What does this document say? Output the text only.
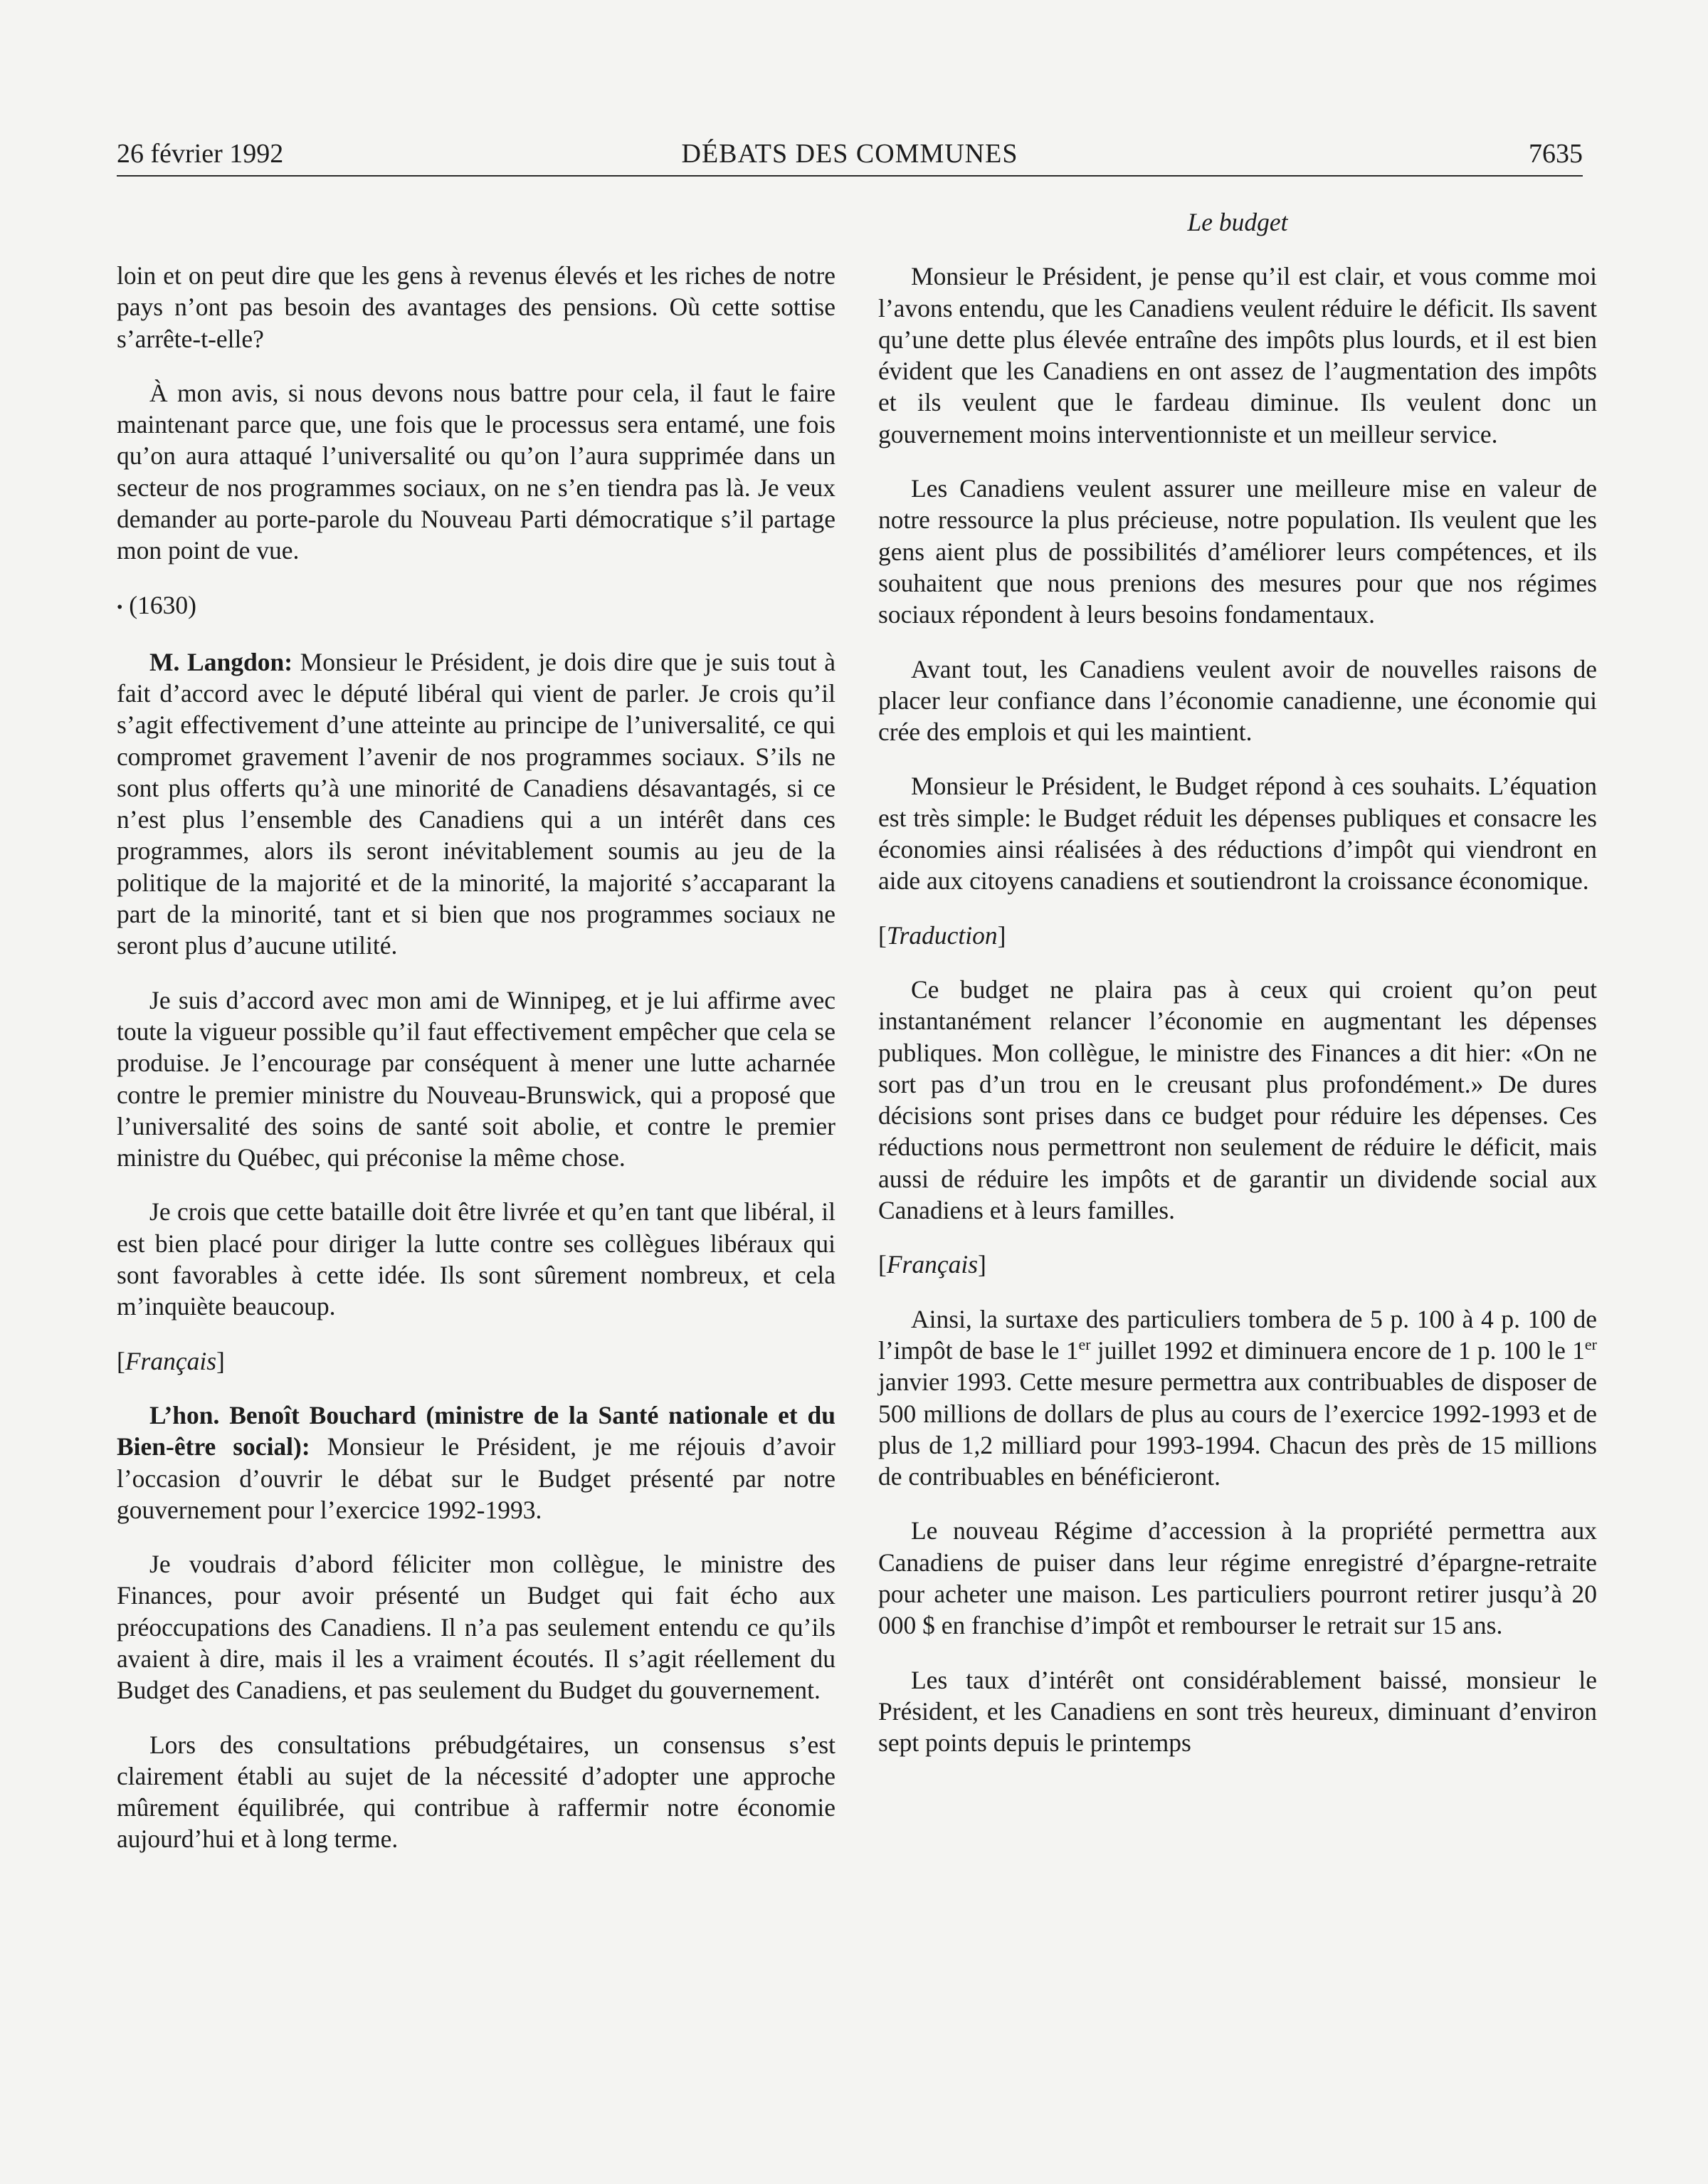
26 février 1992	DÉBATS DES COMMUNES	7635

loin et on peut dire que les gens à revenus élevés et les riches de notre pays n’ont pas besoin des avantages des pensions. Où cette sottise s’arrête-t-elle?

À mon avis, si nous devons nous battre pour cela, il faut le faire maintenant parce que, une fois que le processus sera entamé, une fois qu’on aura attaqué l’universalité ou qu’on l’aura supprimée dans un secteur de nos programmes sociaux, on ne s’en tiendra pas là. Je veux demander au porte-parole du Nouveau Parti démocratique s’il partage mon point de vue.

• (1630)

M. Langdon: Monsieur le Président, je dois dire que je suis tout à fait d’accord avec le député libéral qui vient de parler. Je crois qu’il s’agit effectivement d’une atteinte au principe de l’universalité, ce qui compromet gravement l’avenir de nos programmes sociaux. S’ils ne sont plus offerts qu’à une minorité de Canadiens désavantagés, si ce n’est plus l’ensemble des Canadiens qui a un intérêt dans ces programmes, alors ils seront inévitablement soumis au jeu de la politique de la majorité et de la minorité, la majorité s’accaparant la part de la minorité, tant et si bien que nos programmes sociaux ne seront plus d’aucune utilité.

Je suis d’accord avec mon ami de Winnipeg, et je lui affirme avec toute la vigueur possible qu’il faut effectivement empêcher que cela se produise. Je l’encourage par conséquent à mener une lutte acharnée contre le premier ministre du Nouveau-Brunswick, qui a proposé que l’universalité des soins de santé soit abolie, et contre le premier ministre du Québec, qui préconise la même chose.

Je crois que cette bataille doit être livrée et qu’en tant que libéral, il est bien placé pour diriger la lutte contre ses collègues libéraux qui sont favorables à cette idée. Ils sont sûrement nombreux, et cela m’inquiète beaucoup.

[Français]

L’hon. Benoît Bouchard (ministre de la Santé nationale et du Bien-être social): Monsieur le Président, je me réjouis d’avoir l’occasion d’ouvrir le débat sur le Budget présenté par notre gouvernement pour l’exercice 1992-1993.

Je voudrais d’abord féliciter mon collègue, le ministre des Finances, pour avoir présenté un Budget qui fait écho aux préoccupations des Canadiens. Il n’a pas seulement entendu ce qu’ils avaient à dire, mais il les a vraiment écoutés. Il s’agit réellement du Budget des Canadiens, et pas seulement du Budget du gouvernement.

Lors des consultations prébudgétaires, un consensus s’est clairement établi au sujet de la nécessité d’adopter une approche mûrement équilibrée, qui contribue à raffermir notre économie aujourd’hui et à long terme.

Le budget

Monsieur le Président, je pense qu’il est clair, et vous comme moi l’avons entendu, que les Canadiens veulent réduire le déficit. Ils savent qu’une dette plus élevée entraîne des impôts plus lourds, et il est bien évident que les Canadiens en ont assez de l’augmentation des impôts et ils veulent que le fardeau diminue. Ils veulent donc un gouvernement moins interventionniste et un meilleur service.

Les Canadiens veulent assurer une meilleure mise en valeur de notre ressource la plus précieuse, notre population. Ils veulent que les gens aient plus de possibilités d’améliorer leurs compétences, et ils souhaitent que nous prenions des mesures pour que nos régimes sociaux répondent à leurs besoins fondamentaux.

Avant tout, les Canadiens veulent avoir de nouvelles raisons de placer leur confiance dans l’économie canadienne, une économie qui crée des emplois et qui les maintient.

Monsieur le Président, le Budget répond à ces souhaits. L’équation est très simple: le Budget réduit les dépenses publiques et consacre les économies ainsi réalisées à des réductions d’impôt qui viendront en aide aux citoyens canadiens et soutiendront la croissance économique.

[Traduction]

Ce budget ne plaira pas à ceux qui croient qu’on peut instantanément relancer l’économie en augmentant les dépenses publiques. Mon collègue, le ministre des Finances a dit hier: «On ne sort pas d’un trou en le creusant plus profondément.» De dures décisions sont prises dans ce budget pour réduire les dépenses. Ces réductions nous permettront non seulement de réduire le déficit, mais aussi de réduire les impôts et de garantir un dividende social aux Canadiens et à leurs familles.

[Français]

Ainsi, la surtaxe des particuliers tombera de 5 p. 100 à 4 p. 100 de l’impôt de base le 1er juillet 1992 et diminuera encore de 1 p. 100 le 1er janvier 1993. Cette mesure permettra aux contribuables de disposer de 500 millions de dollars de plus au cours de l’exercice 1992-1993 et de plus de 1,2 milliard pour 1993-1994. Chacun des près de 15 millions de contribuables en bénéficieront.

Le nouveau Régime d’accession à la propriété permettra aux Canadiens de puiser dans leur régime enregistré d’épargne-retraite pour acheter une maison. Les particuliers pourront retirer jusqu’à 20 000 $ en franchise d’impôt et rembourser le retrait sur 15 ans.

Les taux d’intérêt ont considérablement baissé, monsieur le Président, et les Canadiens en sont très heureux, diminuant d’environ sept points depuis le printemps
